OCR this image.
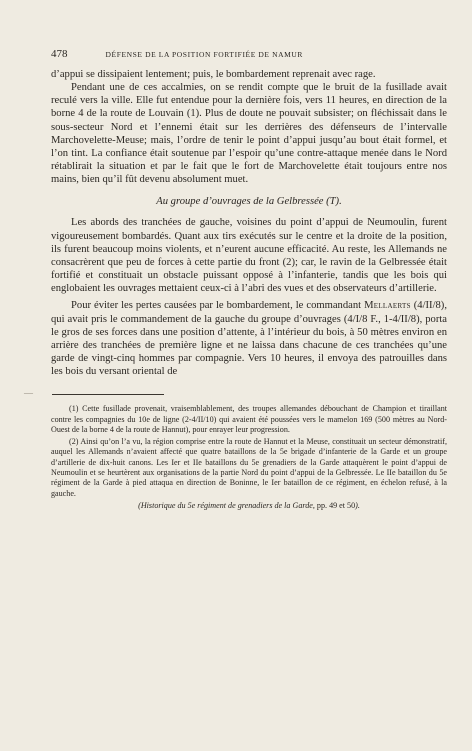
478	DÉFENSE DE LA POSITION FORTIFIÉE DE NAMUR

d’appui se dissipaient lentement; puis, le bombardement reprenait avec rage.

Pendant une de ces accalmies, on se rendit compte que le bruit de la fusillade avait reculé vers la ville. Elle fut entendue pour la dernière fois, vers 11 heures, en direction de la borne 4 de la route de Louvain (1). Plus de doute ne pouvait subsister; on fléchissait dans le sous-secteur Nord et l’ennemi était sur les derrières des défenseurs de l’intervalle Marchovelette-Meuse; mais, l’ordre de tenir le point d’appui jusqu’au bout était formel, et l’on tint. La confiance était soutenue par l’espoir qu’une contre-attaque menée dans le Nord rétablirait la situation et par le fait que le fort de Marchovelette était toujours entre nos mains, bien qu’il fût devenu absolument muet.

Au groupe d’ouvrages de la Gelbressée (T).

Les abords des tranchées de gauche, voisines du point d’appui de Neumoulin, furent vigoureusement bombardés. Quant aux tirs exécutés sur le centre et la droite de la position, ils furent beaucoup moins violents, et n’eurent aucune efficacité. Au reste, les Allemands ne consacrèrent que peu de forces à cette partie du front (2); car, le ravin de la Gelbressée était fortifié et constituait un obstacle puissant opposé à l’infanterie, tandis que les bois qui englobaient les ouvrages mettaient ceux-ci à l’abri des vues et des observateurs d’artillerie.

Pour éviter les pertes causées par le bombardement, le commandant Mellaerts (4/II/8), qui avait pris le commandement de la gauche du groupe d’ouvrages (4/I/8 F., 1-4/II/8), porta le gros de ses forces dans une position d’attente, à l’intérieur du bois, à 50 mètres environ en arrière des tranchées de première ligne et ne laissa dans chacune de ces tranchées qu’une garde de vingt-cinq hommes par compagnie. Vers 10 heures, il envoya des patrouilles dans les bois du versant oriental de

(1) Cette fusillade provenait, vraisemblablement, des troupes allemandes débouchant de Champion et tiraillant contre les compagnies du 10e de ligne (2-4/II/10) qui avaient été poussées vers le mamelon 169 (500 mètres au Nord-Ouest de la borne 4 de la route de Hannut), pour enrayer leur progression.

(2) Ainsi qu’on l’a vu, la région comprise entre la route de Hannut et la Meuse, constituait un secteur démonstratif, auquel les Allemands n’avaient affecté que quatre bataillons de la 5e brigade d’infanterie de la Garde et un groupe d’artillerie de dix-huit canons. Les Ier et IIe bataillons du 5e grenadiers de la Garde attaquèrent le point d’appui de Neumoulin et se heurtèrent aux organisations de la partie Nord du point d’appui de la Gelbressée. Le IIe bataillon du 5e régiment de la Garde à pied attaqua en direction de Boninne, le Ier bataillon de ce régiment, en échelon refusé, à la gauche.

(Historique du 5e régiment de grenadiers de la Garde, pp. 49 et 50).

—
